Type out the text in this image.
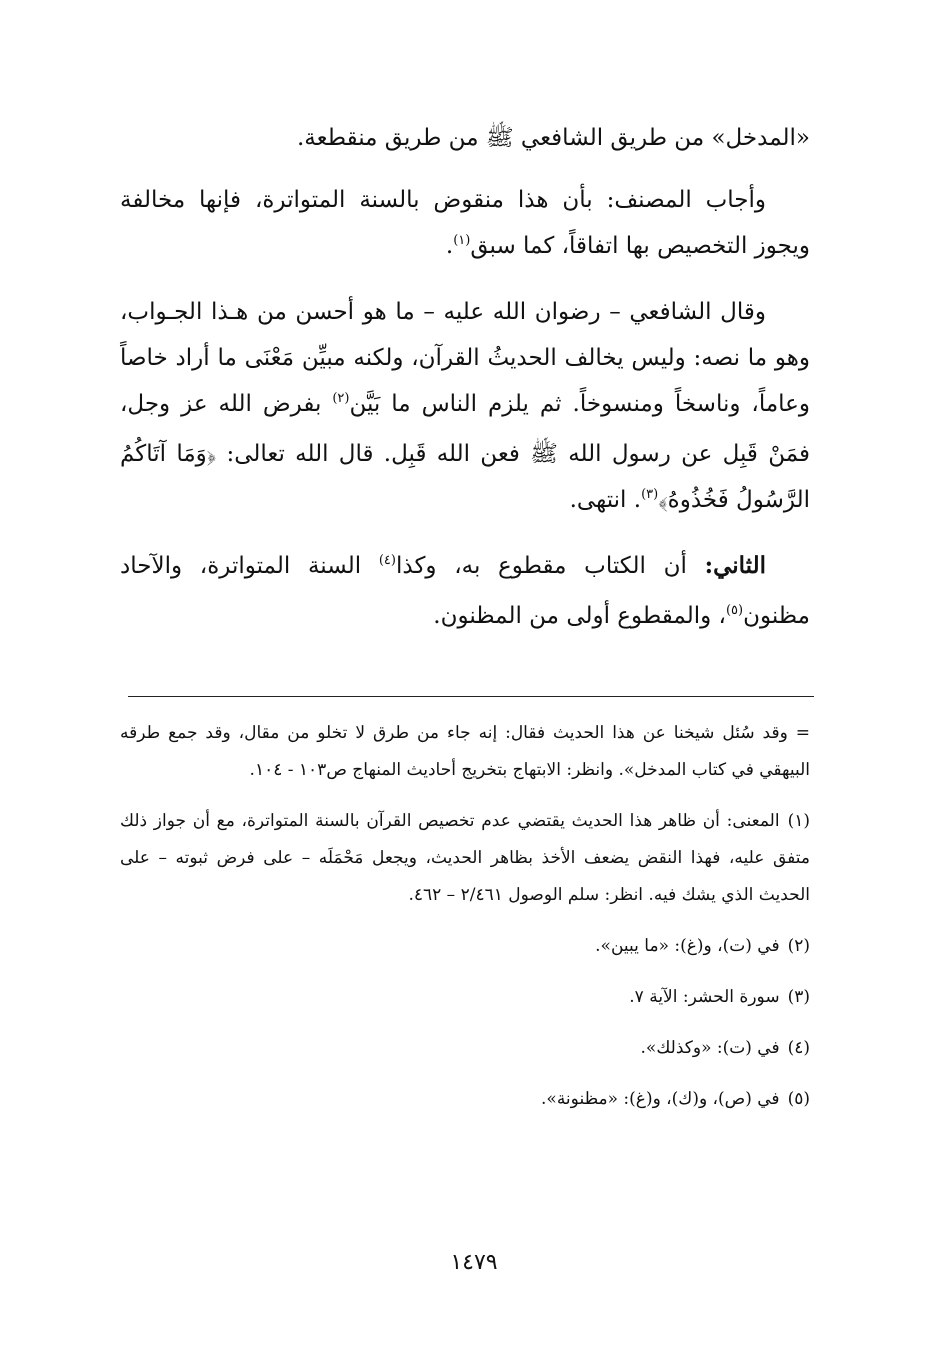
«المدخل» من طريق الشافعي ﷺ من طريق منقطعة.

وأجاب المصنف: بأن هذا منقوض بالسنة المتواترة، فإنها مخالفة ويجوز التخصيص بها اتفاقاً، كما سبق$^{(١)}$.

وقال الشافعي – رضوان الله عليه – ما هو أحسن من هـذا الجـواب، وهو ما نصه: وليس يخالف الحديثُ القرآن، ولكنه مبيِّن مَعْنَى ما أراد خاصاً وعاماً، وناسخاً ومنسوخاً. ثم يلزم الناس ما بَيَّن$^{(٢)}$ بفرض الله عز وجل، فمَنْ قَبِل عن رسول الله ﷺ فعن الله قَبِل. قال الله تعالى: ﴿وَمَا آتَاكُمُ الرَّسُولُ فَخُذُوهُ﴾$^{(٣)}$. انتهى.

الثاني: أن الكتاب مقطوع به، وكذا$^{(٤)}$ السنة المتواترة، والآحاد مظنون$^{(٥)}$، والمقطوع أولى من المظنون.

= وقد سُئل شيخنا عن هذا الحديث فقال: إنه جاء من طرق لا تخلو من مقال، وقد جمع طرقه البيهقي في كتاب المدخل». وانظر: الابتهاج بتخريج أحاديث المنهاج ص١٠٣ - ١٠٤.

(١)المعنى: أن ظاهر هذا الحديث يقتضي عدم تخصيص القرآن بالسنة المتواترة، مع أن جواز ذلك متفق عليه، فهذا النقض يضعف الأخذ بظاهر الحديث، ويجعل مَحْمَلَه – على فرض ثبوته – على الحديث الذي يشك فيه. انظر: سلم الوصول ٢/٤٦١ – ٤٦٢.

(٢)في (ت)، و(غ): «ما يبين».

(٣)سورة الحشر: الآية ٧.

(٤)في (ت): «وكذلك».

(٥)في (ص)، و(ك)، و(غ): «مظنونة».

١٤٧٩
